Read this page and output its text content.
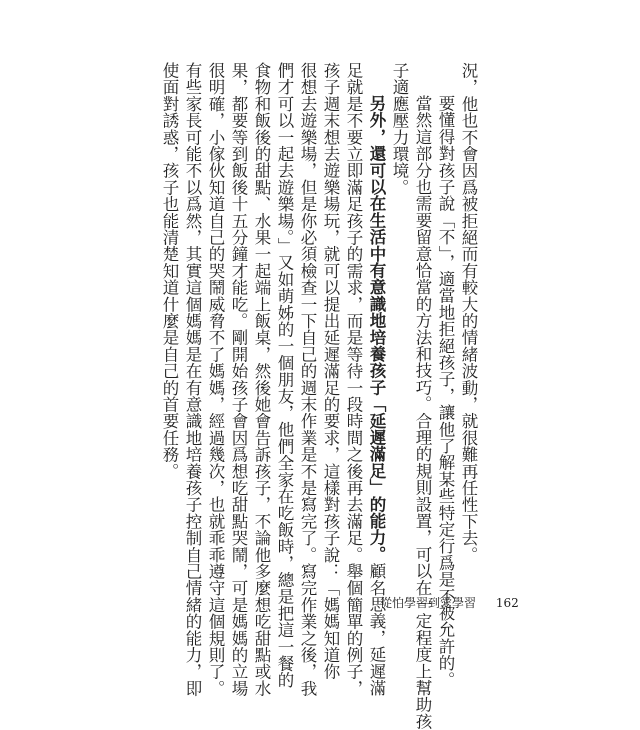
況，他也不會因爲被拒絕而有較大的情緒波動，就很難再任性下去。
要懂得對孩子說「不」，適當地拒絕孩子，讓他了解某些特定行爲是不被允許的。
當然這部分也需要留意恰當的方法和技巧。合理的規則設置，可以在一定程度上幫助孩
子適應壓力環境。
另外，還可以在生活中有意識地培養孩子「延遲滿足」的能力。顧名思義，延遲滿
足就是不要立即滿足孩子的需求，而是等待一段時間之後再去滿足。舉個簡單的例子，
孩子週末想去遊樂場玩，就可以提出延遲滿足的要求，這樣對孩子說：「媽媽知道你
很想去遊樂場，但是你必須檢查一下自己的週末作業是不是寫完了。寫完作業之後，我
們才可以一起去遊樂場。」又如萌姊的一個朋友，他們全家在吃飯時，總是把這一餐的
食物和飯後的甜點、水果一起端上飯桌，然後她會告訴孩子，不論他多麼想吃甜點或水
果，都要等到飯後十五分鐘才能吃。剛開始孩子會因爲想吃甜點哭鬧，可是媽媽的立場
很明確，小傢伙知道自己的哭鬧威脅不了媽媽，經過幾次，也就乖乖遵守這個規則了。
有些家長可能不以爲然，其實這個媽媽是在有意識地培養孩子控制自己情緒的能力，即
使面對誘惑，孩子也能清楚知道什麼是自己的首要任務。
從怕學習到愛學習 162
